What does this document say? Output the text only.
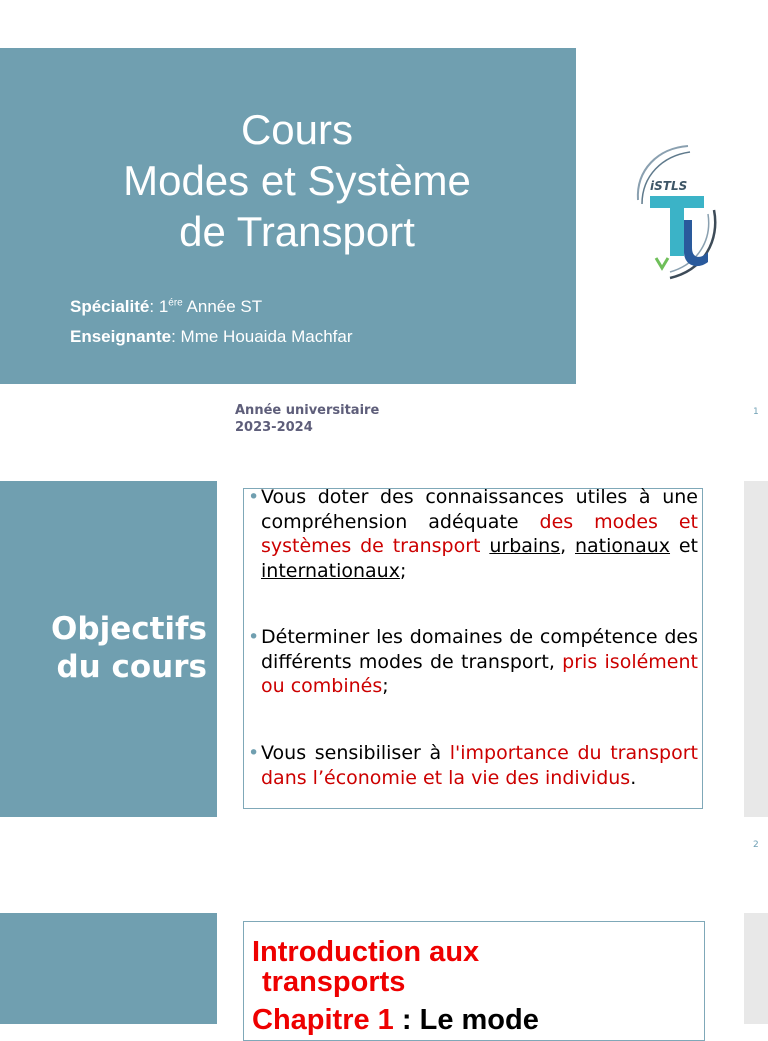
Cours
Modes et Système
de Transport
Spécialité: $1^{ére}$ Année ST
Enseignante: Mme Houaida Machfar
iSTLS
Année universitaire
2023-2024
1
Objectifs
du cours
• Vous doter des connaissances utiles à une compréhension adéquate des modes et systèmes de transport urbains, nationaux et internationaux;
• Déterminer les domaines de compétence des différents modes de transport, pris isolément ou combinés;
• Vous sensibiliser à l'importance du transport dans l’économie et la vie des individus.
2
Introduction aux
transports
Chapitre 1 : Le mode
